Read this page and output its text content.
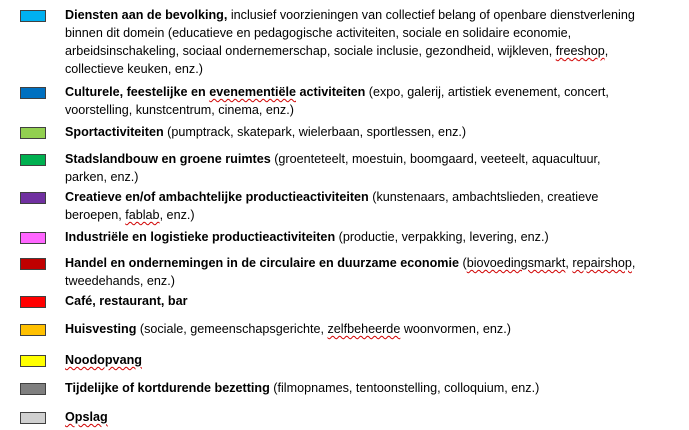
Diensten aan de bevolking, inclusief voorzieningen van collectief belang of openbare dienstverlening
binnen dit domein (educatieve en pedagogische activiteiten, sociale en solidaire economie,
arbeidsinschakeling, sociaal ondernemerschap, sociale inclusie, gezondheid, wijkleven, freeshop,
collectieve keuken, enz.)
Culturele, feestelijke en evenementiële activiteiten (expo, galerij, artistiek evenement, concert,
voorstelling, kunstcentrum, cinema, enz.)
Sportactiviteiten (pumptrack, skatepark, wielerbaan, sportlessen, enz.)
Stadslandbouw en groene ruimtes (groenteteelt, moestuin, boomgaard, veeteelt, aquacultuur,
parken, enz.)
Creatieve en/of ambachtelijke productieactiviteiten (kunstenaars, ambachtslieden, creatieve
beroepen, fablab, enz.)
Industriële en logistieke productieactiviteiten (productie, verpakking, levering, enz.)
Handel en ondernemingen in de circulaire en duurzame economie (biovoedingsmarkt, repairshop,
tweedehands, enz.)
Café, restaurant, bar
Huisvesting (sociale, gemeenschapsgerichte, zelfbeheerde woonvormen, enz.)
Noodopvang
Tijdelijke of kortdurende bezetting (filmopnames, tentoonstelling, colloquium, enz.)
Opslag
